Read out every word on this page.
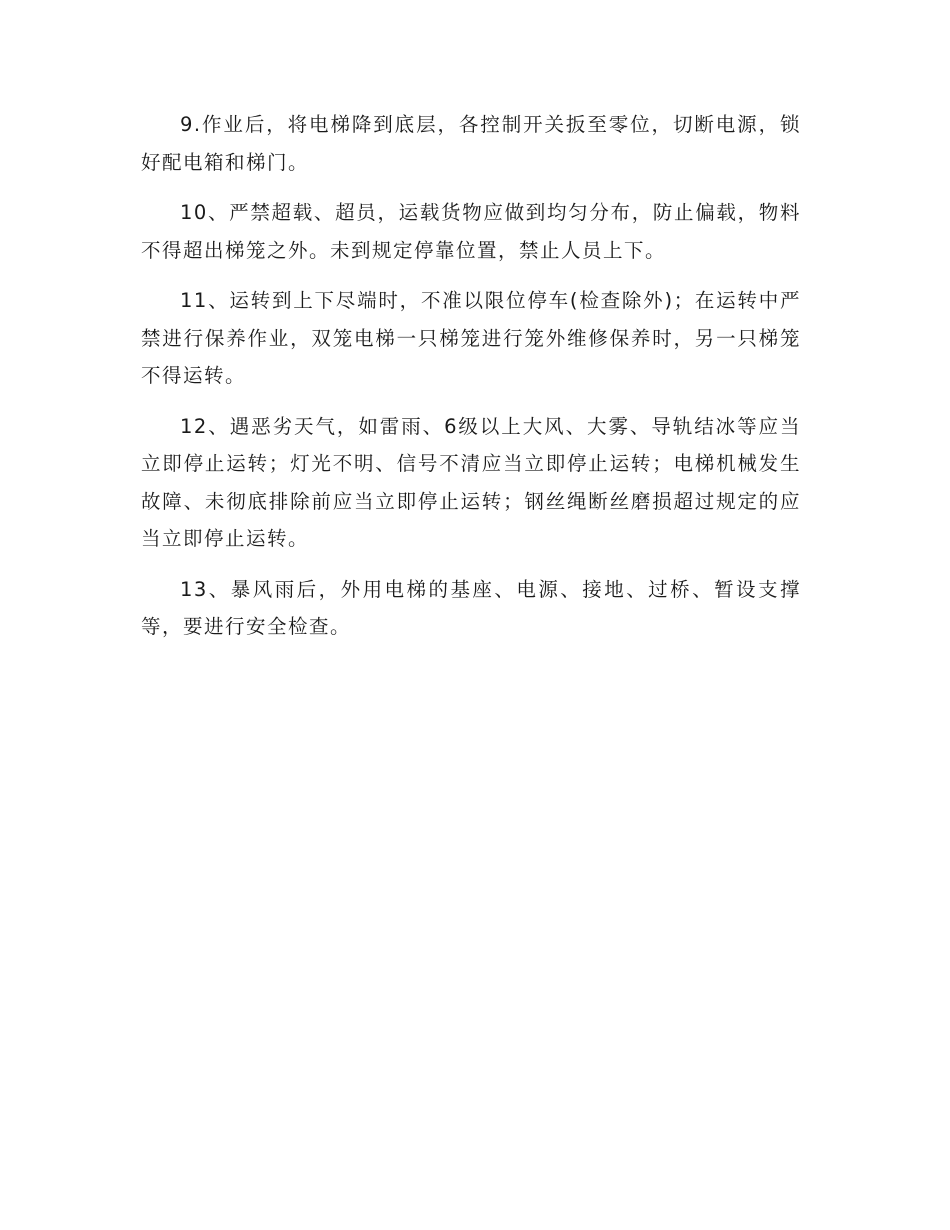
9.作业后，将电梯降到底层，各控制开关扳至零位，切断电源，锁好配电箱和梯门。

10、严禁超载、超员，运载货物应做到均匀分布，防止偏载，物料不得超出梯笼之外。未到规定停靠位置，禁止人员上下。

11、运转到上下尽端时，不准以限位停车(检查除外)；在运转中严禁进行保养作业，双笼电梯一只梯笼进行笼外维修保养时，另一只梯笼不得运转。

12、遇恶劣天气，如雷雨、6级以上大风、大雾、导轨结冰等应当立即停止运转；灯光不明、信号不清应当立即停止运转；电梯机械发生故障、未彻底排除前应当立即停止运转；钢丝绳断丝磨损超过规定的应当立即停止运转。

13、暴风雨后，外用电梯的基座、电源、接地、过桥、暂设支撑等，要进行安全检查。
